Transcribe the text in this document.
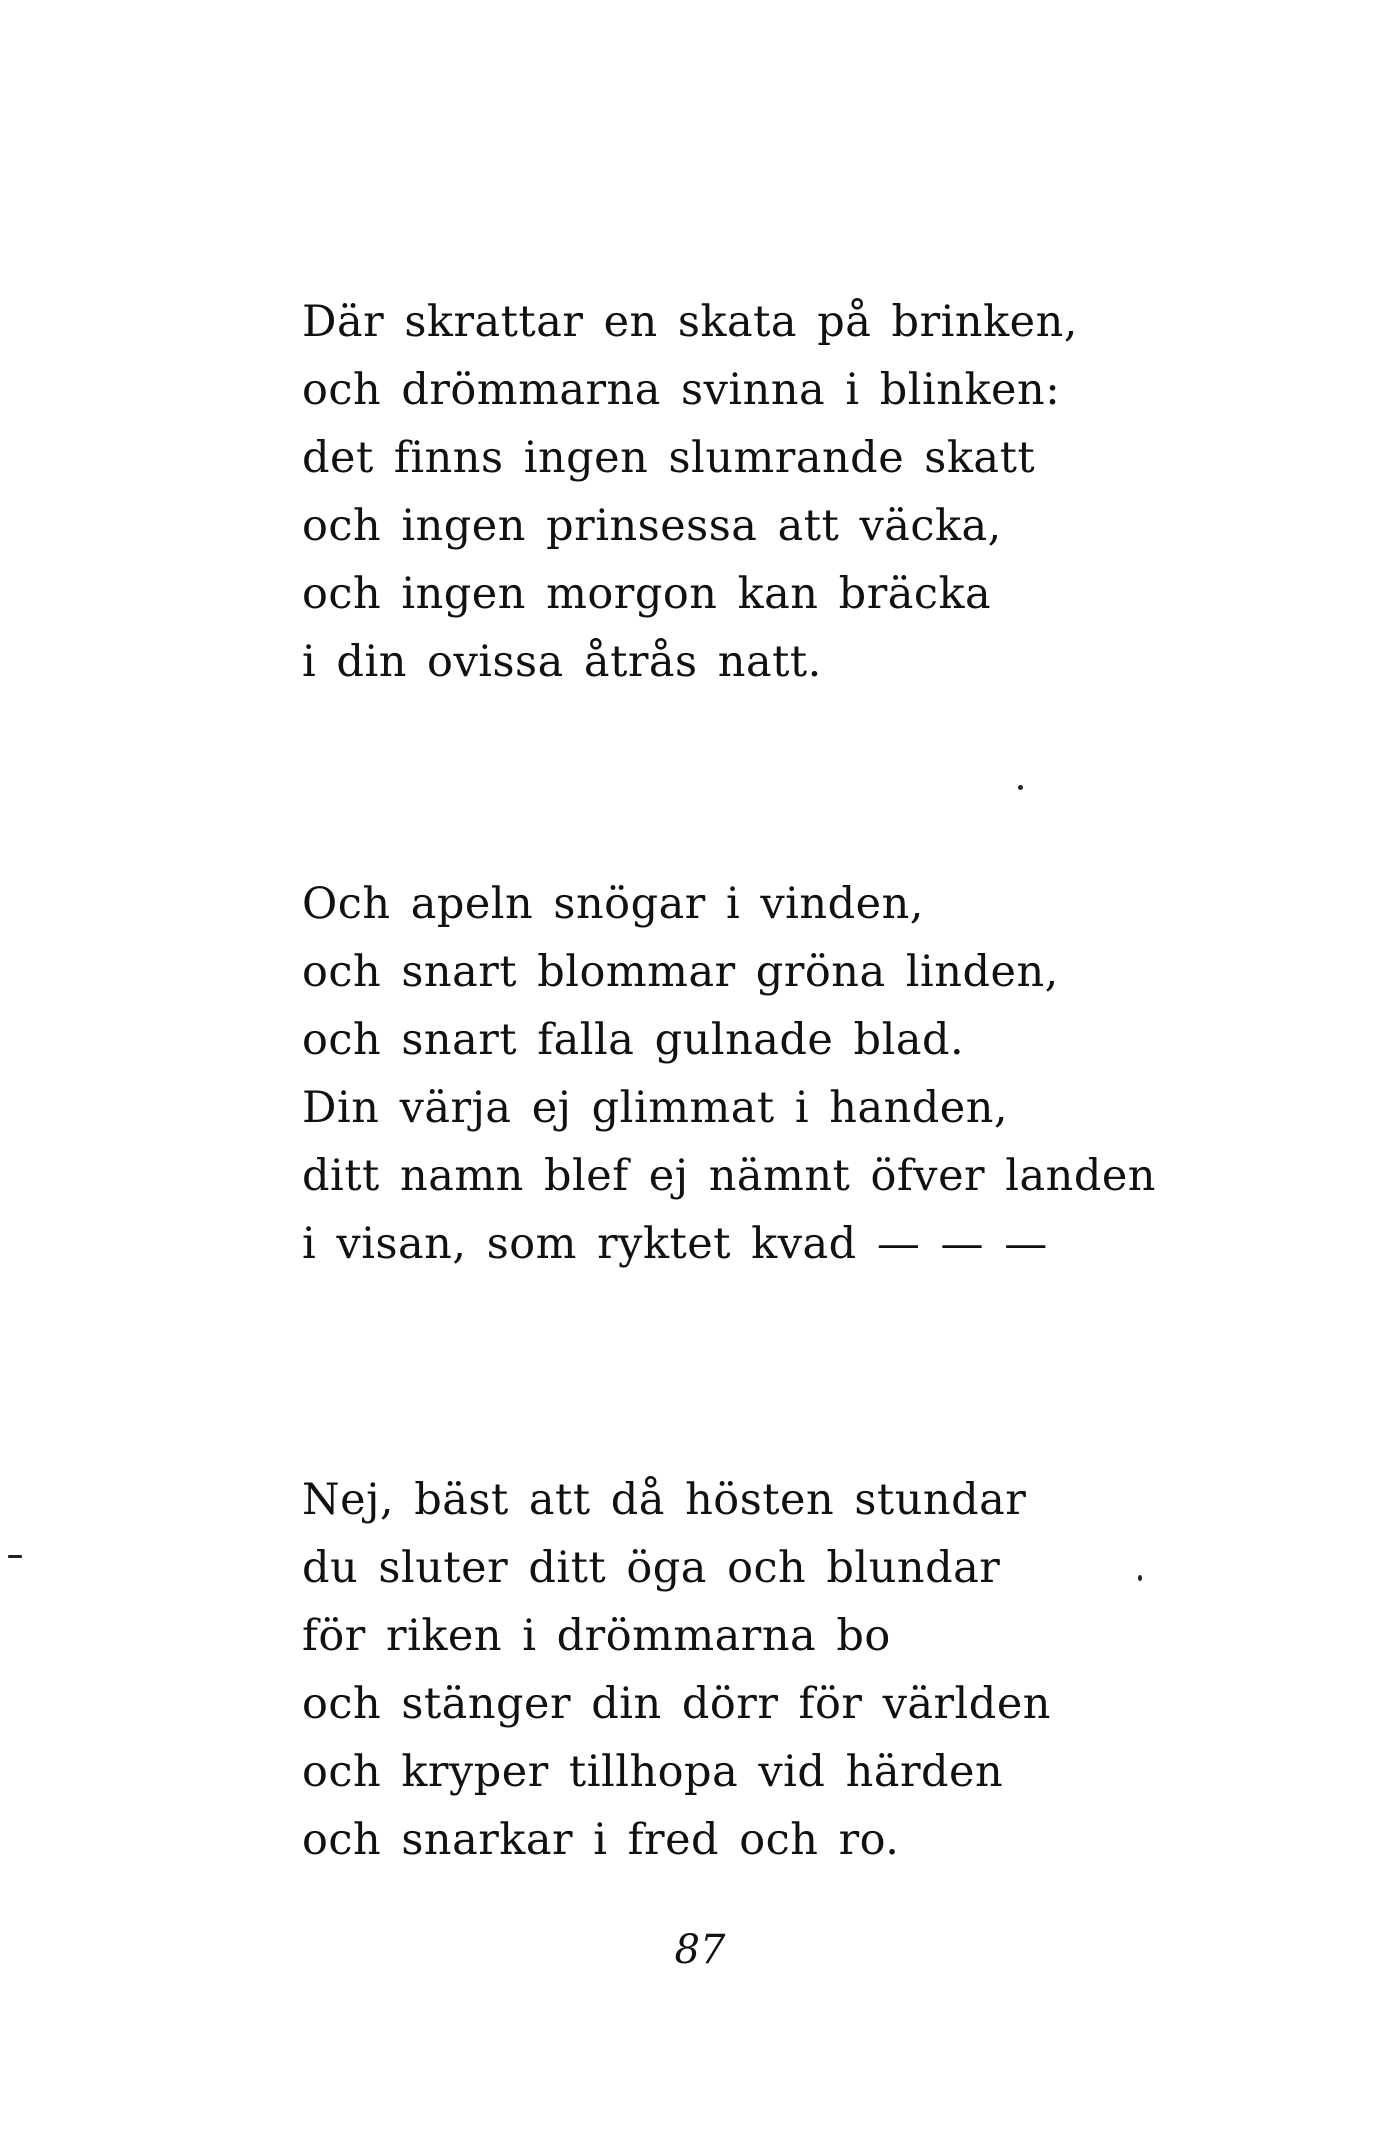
Där skrattar en skata på brinken,
och drömmarna svinna i blinken:
det finns ingen slumrande skatt
och ingen prinsessa att väcka,
och ingen morgon kan bräcka
i din ovissa åtrås natt.
Och apeln snögar i vinden,
och snart blommar gröna linden,
och snart falla gulnade blad.
Din värja ej glimmat i handen,
ditt namn blef ej nämnt öfver landen
i visan, som ryktet kvad — — —
Nej, bäst att då hösten stundar
du sluter ditt öga och blundar
för riken i drömmarna bo
och stänger din dörr för världen
och kryper tillhopa vid härden
och snarkar i fred och ro.
87
